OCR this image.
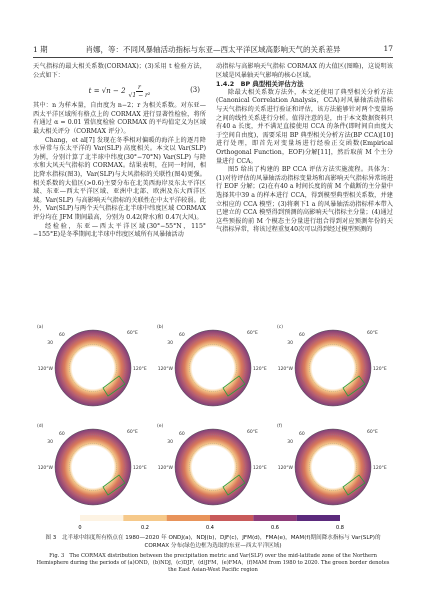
1 期	肖娜，等：不同风暴轴活动指标与东亚—西太平洋区域高影响天气的关系差异	17

天气指标的最大相关系数(CORMAX)；(3)采用 t 检验方法，公式如下：

$t = √n - 2 \frac{r}{\text{√1 − r²}}$	(3)

其中：n 为样本量，自由度为 n−2；r 为相关系数。对东亚—西太平洋区域所有格点上的 CORMAX 进行显著性检验，将所有通过 α = 0.01 置信度检验 CORMAX 的平均值定义为区域最大相关评分（CORMAX 评分）。

Chang，et al[7] 发现在冬季相对偏暖的海洋上的逐月降水异常与东太平洋的 Var(SLP) 高度相关。本文以 Var(SLP) 为例，分别计算了北半球中纬度(30°−70°N) Var(SLP) 与降水和大风天气指标的 CORMAX。结果表明，在同一时间，相比降水指标(图3)，Var(SLP)与大风指标的关联性(图4)更强。相关系数的大值区(>0.6)主要分布在北美西海岸及东太平洋区域、东亚—西太平洋区域、亚洲中北部、欧洲及东大西洋区域。Var(SLP) 与高影响天气指标的关联性在中太平洋较弱。此外，Var(SLP)与两个天气指标在北半球中纬度区域 CORMAX 评分均在 JFM 期间最高，分别为 0.42(降水)和 0.47(大风)。

经检验，东亚—西太平洋区域(30°−55°N，115°−155°E)是冬季期间北半球中纬度区域所有风暴轴活动

动指标与高影响天气指标 CORMAX 的大值区(图略)，这说明该区域是风暴轴天气影响的核心区域。

1.4.2　BP 典型相关评估方法

除最大相关系数方法外，本文还使用了典型相关分析方法(Canonical Correlation Analysis，CCA)对风暴轴活动指标与天气指标的关系进行验证和评估，该方法能够针对两个变量场之间的线性关系进行分析。值得注意的是，由于本文数据资料只有40 a 长度，并不满足直接使用 CCA 的条件(即时间自由度大于空间自由度)，需要采用 BP 典型相关分析方法(BP CCA)[10] 进行处理，即首先对变量场进行经验正交函数(Empirical Orthogonal Function，EOF)分解[11]，然后取前 M 个主分量进行 CCA。

图5 给出了构建的 BP CCA 评估方法实施流程。具体为：(1)对待评估的风暴轴活动指标变量场和高影响天气指标异常场进行 EOF 分解；(2)在有40 a 时间长度的前 M 个截断的主分量中选择其中39 a 的样本进行 CCA，得到模型典型相关系数，并建立相应的 CCA 模型；(3)将剩下1 a 的风暴轴活动指标样本带入已建立的 CCA 模型得到预测的高影响天气指标主分量；(4)通过这些预报的前 M 个模态主分量进行组合得到对应预测年份的天气指标异常，将该过程重复40次可以得到经过模型预测的

(a)
120°W	120°E
60°E
60
30
(b)
120°W	120°E
60°E
60
30
(c)
120°W	120°E
60°E
60
30
(d)
120°W	120°E
60°E
60
30
(e)
120°W	120°E
60°E
60
30
(f)
120°W	120°E
60°E
60
30
0	0.2	0.4	0.6	0.8
图 3　北半球中纬度所有格点在 1980—2020 年 ONDJ(a)，NDJ(b)，DJF(c)，JFM(d)，FMA(e)，MAM(f)期间降水指标与 Var(SLP)的 CORMAX 分布(绿色边框为选取的东亚—西太平洋区域)
Fig. 3　The CORMAX distribution between the precipitation metric and Var(SLP) over the mid-latitude zone of the Northern Hemisphere during the periods of (a)OND，(b)NDJ，(c)DJF，(d)JFM，(e)FMA，(f)MAM from 1980 to 2020. The green border denotes the East Asian-West Pacific region
